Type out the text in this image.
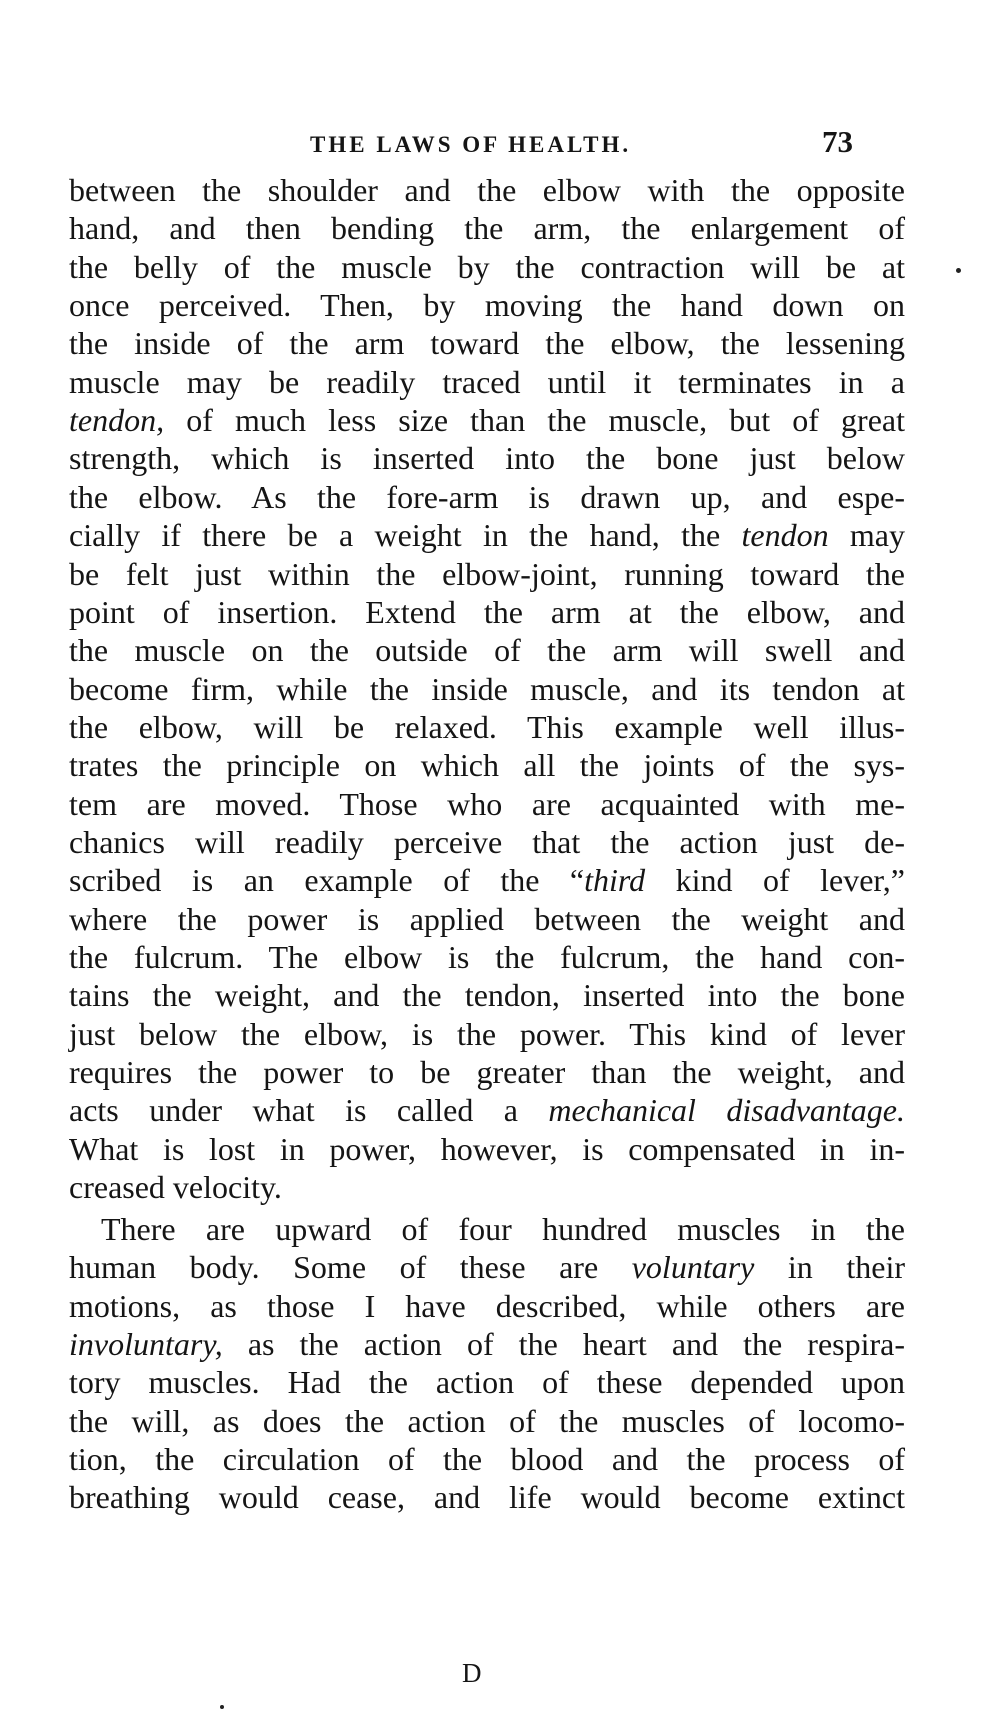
THE LAWS OF HEALTH.	73
between the shoulder and the elbow with the opposite
hand, and then bending the arm, the enlargement of
the belly of the muscle by the contraction will be at
once perceived. Then, by moving the hand down on
the inside of the arm toward the elbow, the lessening
muscle may be readily traced until it terminates in a
tendon, of much less size than the muscle, but of great
strength, which is inserted into the bone just below
the elbow. As the fore-arm is drawn up, and espe-
cially if there be a weight in the hand, the tendon may
be felt just within the elbow-joint, running toward the
point of insertion. Extend the arm at the elbow, and
the muscle on the outside of the arm will swell and
become firm, while the inside muscle, and its tendon at
the elbow, will be relaxed. This example well illus-
trates the principle on which all the joints of the sys-
tem are moved. Those who are acquainted with me-
chanics will readily perceive that the action just de-
scribed is an example of the “third kind of lever,”
where the power is applied between the weight and
the fulcrum. The elbow is the fulcrum, the hand con-
tains the weight, and the tendon, inserted into the bone
just below the elbow, is the power. This kind of lever
requires the power to be greater than the weight, and
acts under what is called a mechanical disadvantage.
What is lost in power, however, is compensated in in-
creased velocity.
There are upward of four hundred muscles in the
human body. Some of these are voluntary in their
motions, as those I have described, while others are
involuntary, as the action of the heart and the respira-
tory muscles. Had the action of these depended upon
the will, as does the action of the muscles of locomo-
tion, the circulation of the blood and the process of
breathing would cease, and life would become extinct
D
